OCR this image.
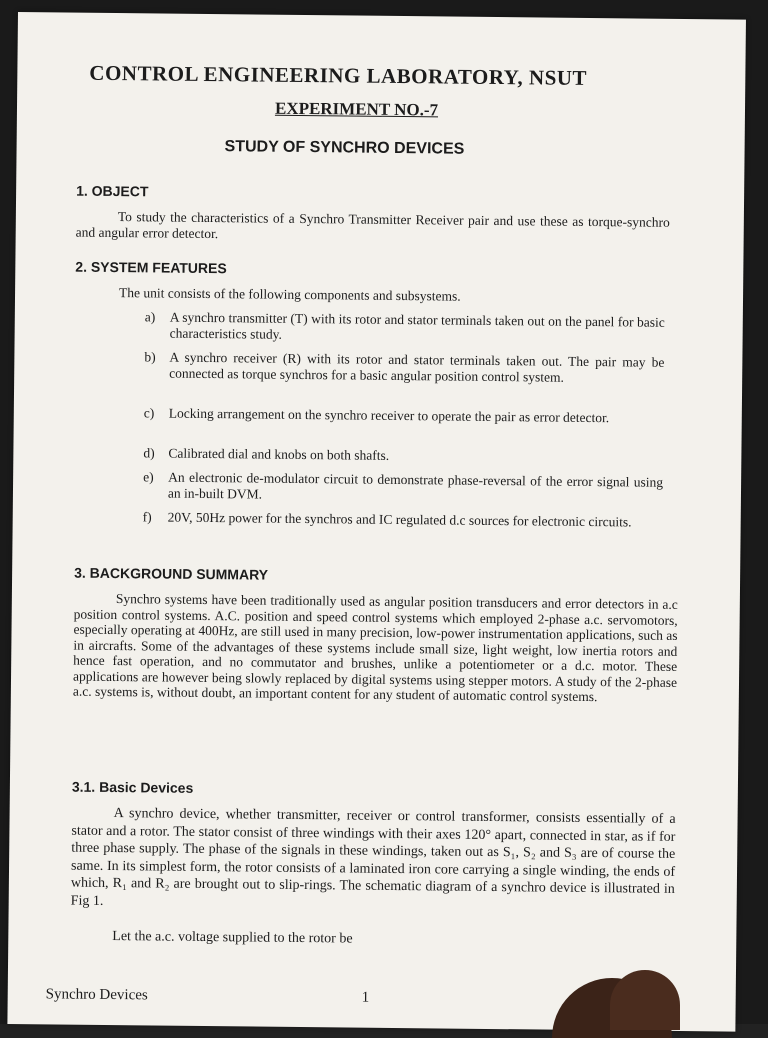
CONTROL ENGINEERING LABORATORY, NSUT
EXPERIMENT NO.-7
STUDY OF SYNCHRO DEVICES
1. OBJECT

To study the characteristics of a Synchro Transmitter Receiver pair and use these as torque-synchro and angular error detector.

2. SYSTEM FEATURES

The unit consists of the following components and subsystems.

a) A synchro transmitter (T) with its rotor and stator terminals taken out on the panel for basic characteristics study.
b) A synchro receiver (R) with its rotor and stator terminals taken out. The pair may be connected as torque synchros for a basic angular position control system.
c) Locking arrangement on the synchro receiver to operate the pair as error detector.
d) Calibrated dial and knobs on both shafts.
e) An electronic de-modulator circuit to demonstrate phase-reversal of the error signal using an in-built DVM.
f) 20V, 50Hz power for the synchros and IC regulated d.c sources for electronic circuits.
3. BACKGROUND SUMMARY

Synchro systems have been traditionally used as angular position transducers and error detectors in a.c position control systems. A.C. position and speed control systems which employed 2-phase a.c. servomotors, especially operating at 400Hz, are still used in many precision, low-power instrumentation applications, such as in aircrafts. Some of the advantages of these systems include small size, light weight, low inertia rotors and hence fast operation, and no commutator and brushes, unlike a potentiometer or a d.c. motor. These applications are however being slowly replaced by digital systems using stepper motors. A study of the 2-phase a.c. systems is, without doubt, an important content for any student of automatic control systems.

3.1. Basic Devices

A synchro device, whether transmitter, receiver or control transformer, consists essentially of a stator and a rotor. The stator consist of three windings with their axes 120° apart, connected in star, as if for three phase supply. The phase of the signals in these windings, taken out as S₁, S₂ and S₃ are of course the same. In its simplest form, the rotor consists of a laminated iron core carrying a single winding, the ends of which, R₁ and R₂ are brought out to slip-rings. The schematic diagram of a synchro device is illustrated in Fig 1.

Let the a.c. voltage supplied to the rotor be

Synchro Devices	1
